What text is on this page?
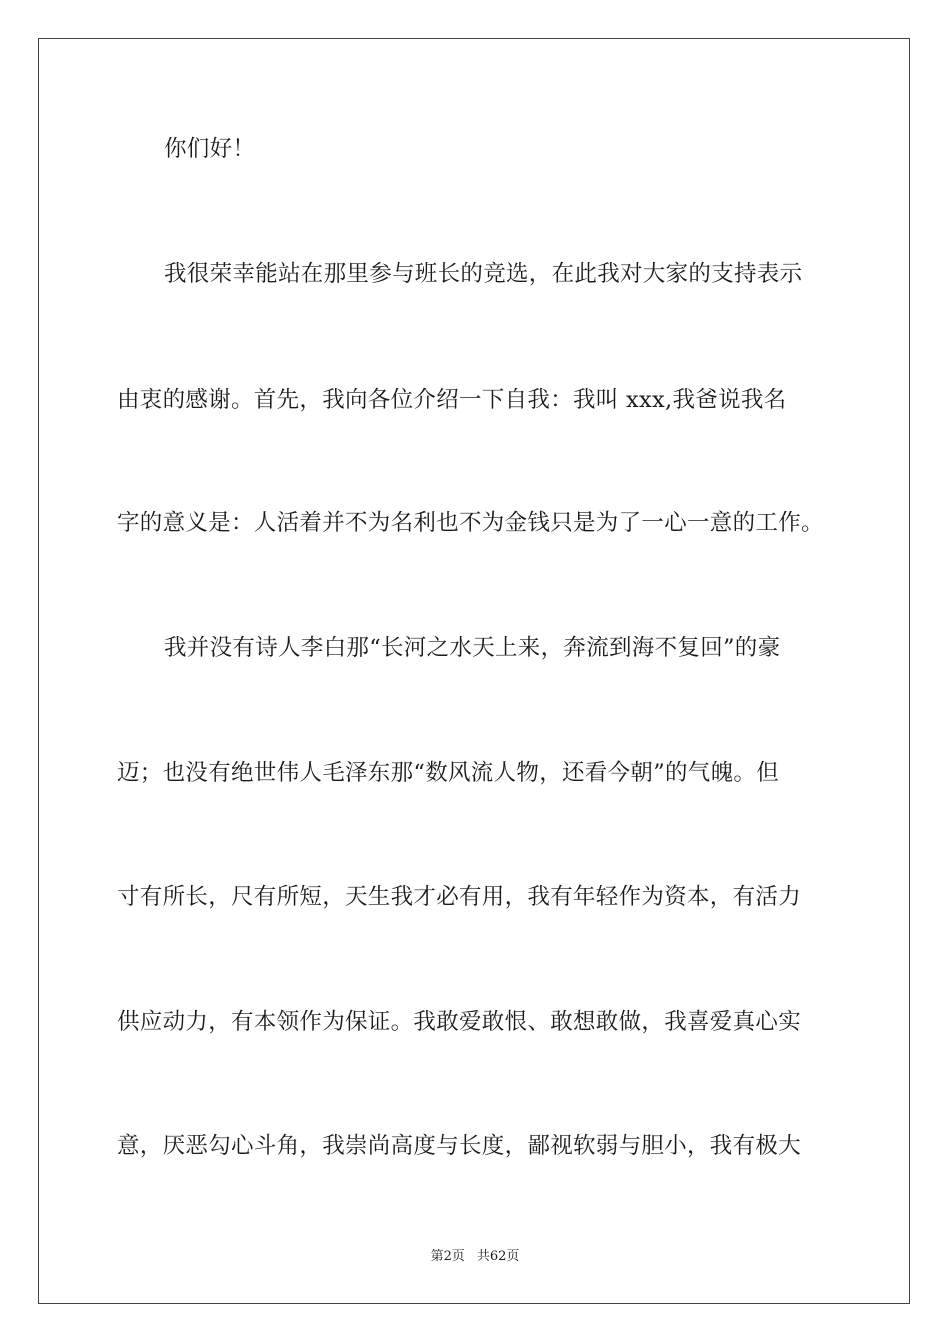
你们好！
我很荣幸能站在那里参与班长的竞选，在此我对大家的支持表示
由衷的感谢。首先，我向各位介绍一下自我：我叫 xxx,我爸说我名
字的意义是：人活着并不为名利也不为金钱只是为了一心一意的工作。
我并没有诗人李白那“长河之水天上来，奔流到海不复回”的豪
迈；也没有绝世伟人毛泽东那“数风流人物，还看今朝”的气魄。但
寸有所长，尺有所短，天生我才必有用，我有年轻作为资本，有活力
供应动力，有本领作为保证。我敢爱敢恨、敢想敢做，我喜爱真心实
意，厌恶勾心斗角，我崇尚高度与长度，鄙视软弱与胆小，我有极大
第2页 共62页
